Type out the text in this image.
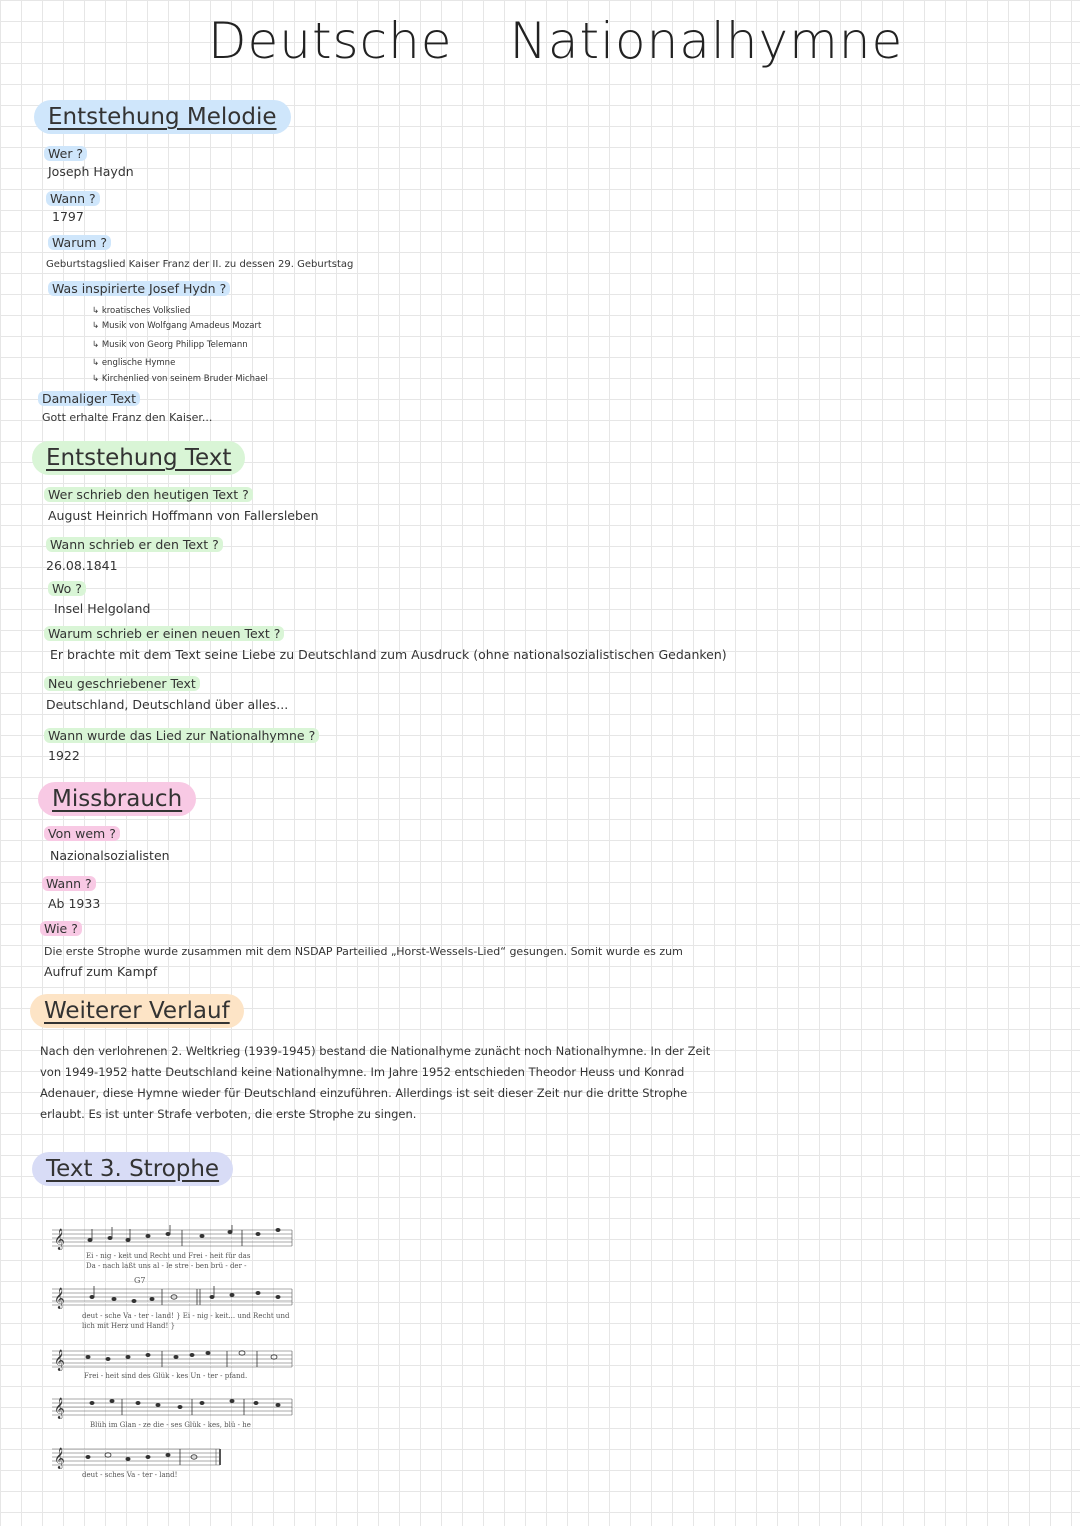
Deutsche Nationalhymne
Entstehung Melodie
Wer ?
Joseph Haydn
Wann ?
1797
Warum ?
Geburtstagslied Kaiser Franz der II. zu dessen 29. Geburtstag
Was inspirierte Josef Hydn ?
↳ kroatisches Volkslied
↳ Musik von Wolfgang Amadeus Mozart
↳ Musik von Georg Philipp Telemann
↳ englische Hymne
↳ Kirchenlied von seinem Bruder Michael
Damaliger Text
Gott erhalte Franz den Kaiser...
Entstehung Text
Wer schrieb den heutigen Text ?
August Heinrich Hoffmann von Fallersleben
Wann schrieb er den Text ?
26.08.1841
Wo ?
Insel Helgoland
Warum schrieb er einen neuen Text ?
Er brachte mit dem Text seine Liebe zu Deutschland zum Ausdruck (ohne nationalsozialistischen Gedanken)
Neu geschriebener Text
Deutschland, Deutschland über alles...
Wann wurde das Lied zur Nationalhymne ?
1922
Missbrauch
Von wem ?
Nazionalsozialisten
Wann ?
Ab 1933
Wie ?
Die erste Strophe wurde zusammen mit dem NSDAP Parteilied „Horst-Wessels-Lied“ gesungen. Somit wurde es zum
Aufruf zum Kampf
Weiterer Verlauf
Nach den verlohrenen 2. Weltkrieg (1939-1945) bestand die Nationalhyme zunächt noch Nationalhymne. In der Zeit
von 1949-1952 hatte Deutschland keine Nationalhymne. Im Jahre 1952 entschieden Theodor Heuss und Konrad
Adenauer, diese Hymne wieder für Deutschland einzuführen. Allerdings ist seit dieser Zeit nur die dritte Strophe
erlaubt. Es ist unter Strafe verboten, die erste Strophe zu singen.
Text 3. Strophe
𝄞
Ei - nig - keit und Recht und Frei - heit für das
Da - nach laßt uns al - le stre - ben brü - der -
G7
𝄞
deut - sche Va - ter - land! } Ei - nig - keit... und Recht und
lich mit Herz und Hand! }
𝄞
Frei - heit sind des Glük - kes Un - ter - pfand.
𝄞
Blüh im Glan - ze die - ses Glük - kes, blü - he
𝄞
deut - sches Va - ter - land!
